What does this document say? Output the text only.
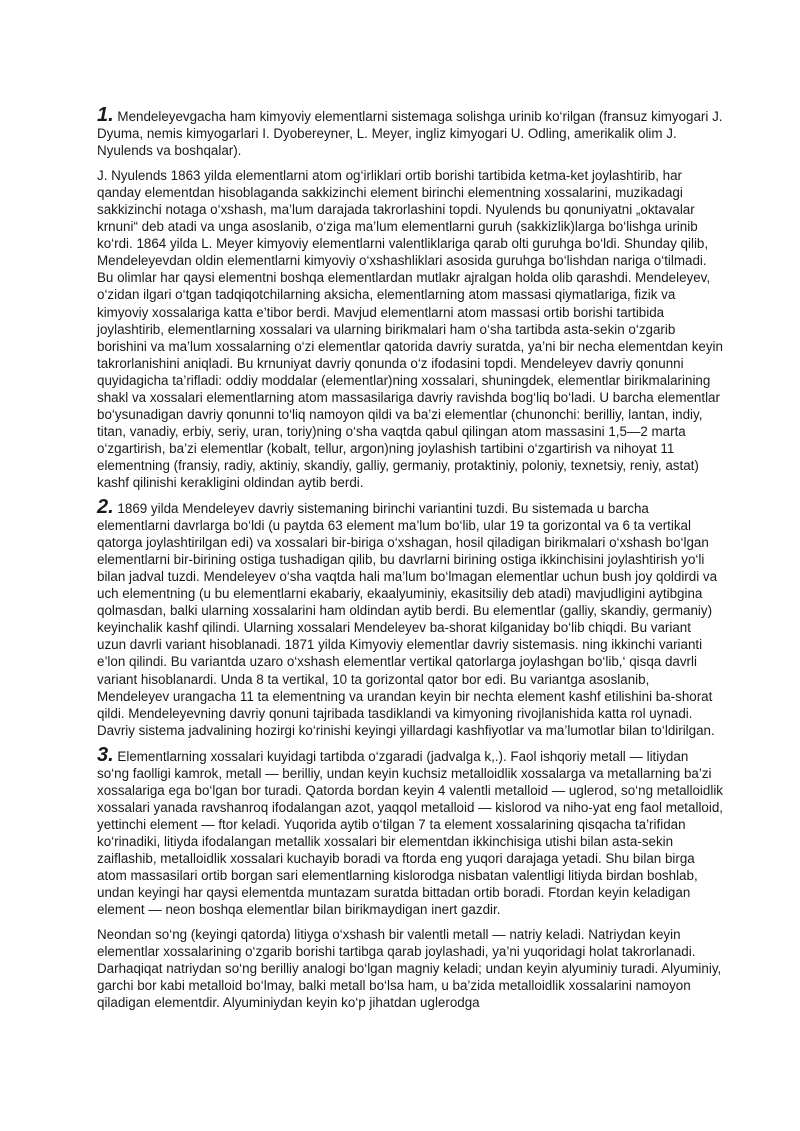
1. Mendeleyevgacha ham kimyoviy elementlarni sistemaga solishga urinib ko‘rilgan (fransuz kimyogari J. Dyuma, nemis kimyogarlari I. Dyobereyner, L. Meyer, ingliz kimyogari U. Odling, amerikalik olim J. Nyulends va boshqalar).

J. Nyulends 1863 yilda elementlarni atom og‘irliklari ortib borishi tartibida ketma-ket joylashtirib, har qanday elementdan hisoblaganda sakkizinchi element birinchi elementning xossalarini, muzikadagi sakkizinchi notaga o‘xshash, ma’lum darajada takrorlashini topdi. Nyulends bu qonuniyatni „oktavalar krnuni“ deb atadi va unga asoslanib, o‘ziga ma’lum elementlarni guruh (sakkizlik)larga bo‘lishga urinib ko‘rdi. 1864 yilda L. Meyer kimyoviy elementlarni valentliklariga qarab olti guruhga bo‘ldi. Shunday qilib, Mendeleyevdan oldin elementlarni kimyoviy o‘xshashliklari asosida guruhga bo‘lishdan nariga o‘tilmadi. Bu olimlar har qaysi elementni boshqa elementlardan mutlakr ajralgan holda olib qarashdi. Mendeleyev, o‘zidan ilgari o‘tgan tadqiqotchilarning aksicha, elementlarning atom massasi qiymatlariga, fizik va kimyoviy xossalariga katta e’tibor berdi. Mavjud elementlarni atom massasi ortib borishi tartibida joylashtirib, elementlarning xossalari va ularning birikmalari ham o‘sha tartibda asta-sekin o‘zgarib borishini va ma’lum xossalarning o‘zi elementlar qatorida davriy suratda, ya’ni bir necha elementdan keyin takrorlanishini aniqladi. Bu krnuniyat davriy qonunda o‘z ifodasini topdi. Mendeleyev davriy qonunni quyidagicha ta’rifladi: oddiy moddalar (elementlar)ning xossalari, shuningdek, elementlar birikmalarining shakl va xossalari elementlarning atom massasilariga davriy ravishda bog‘liq bo‘ladi. U barcha elementlar bo‘ysunadigan davriy qonunni to‘liq namoyon qildi va ba’zi elementlar (chunonchi: berilliy, lantan, indiy, titan, vanadiy, erbiy, seriy, uran, toriy)ning o‘sha vaqtda qabul qilingan atom massasini 1,5—2 marta o‘zgartirish, ba’zi elementlar (kobalt, tellur, argon)ning joylashish tartibini o‘zgartirish va nihoyat 11 elementning (fransiy, radiy, aktiniy, skandiy, galliy, germaniy, protaktiniy, poloniy, texnetsiy, reniy, astat) kashf qilinishi kerakligini oldindan aytib berdi.

2. 1869 yilda Mendeleyev davriy sistemaning birinchi variantini tuzdi. Bu sistemada u barcha elementlarni davrlarga bo‘ldi (u paytda 63 element ma’lum bo‘lib, ular 19 ta gorizontal va 6 ta vertikal qatorga joylashtirilgan edi) va xossalari bir-biriga o‘xshagan, hosil qiladigan birikmalari o‘xshash bo‘lgan elementlarni bir-birining ostiga tushadigan qilib, bu davrlarni birining ostiga ikkinchisini joylashtirish yo‘li bilan jadval tuzdi. Mendeleyev o‘sha vaqtda hali ma’lum bo‘lmagan elementlar uchun bush joy qoldirdi va uch elementning (u bu elementlarni ekabariy, ekaalyuminiy, ekasitsiliy deb atadi) mavjudligini aytibgina qolmasdan, balki ularning xossalarini ham oldindan aytib berdi. Bu elementlar (galliy, skandiy, germaniy) keyinchalik kashf qilindi. Ularning xossalari Mendeleyev ba-shorat kilganiday bo‘lib chiqdi. Bu variant uzun davrli variant hisoblanadi. 1871 yilda Kimyoviy elementlar davriy sistemasis. ning ikkinchi varianti e’lon qilindi. Bu variantda uzaro o‘xshash elementlar vertikal qatorlarga joylashgan bo‘lib,‘ qisqa davrli variant hisoblanardi. Unda 8 ta vertikal, 10 ta gorizontal qator bor edi. Bu variantga asoslanib, Mendeleyev urangacha 11 ta elementning va urandan keyin bir nechta element kashf etilishini ba-shorat qildi. Mendeleyevning davriy qonuni tajribada tasdiklandi va kimyoning rivojlanishida katta rol uynadi. Davriy sistema jadvalining hozirgi ko‘rinishi keyingi yillardagi kashfiyotlar va ma’lumotlar bilan to‘ldirilgan.

3. Elementlarning xossalari kuyidagi tartibda o‘zgaradi (jadvalga k,.). Faol ishqoriy metall — litiydan so‘ng faolligi kamrok, metall — berilliy, undan keyin kuchsiz metalloidlik xossalarga va metallarning ba’zi xossalariga ega bo‘lgan bor turadi. Qatorda bordan keyin 4 valentli metalloid — uglerod, so‘ng metalloidlik xossalari yanada ravshanroq ifodalangan azot, yaqqol metalloid — kislorod va niho-yat eng faol metalloid, yettinchi element — ftor keladi. Yuqorida aytib o‘tilgan 7 ta element xossalarining qisqacha ta’rifidan ko‘rinadiki, litiyda ifodalangan metallik xossalari bir elementdan ikkinchisiga utishi bilan asta-sekin zaiflashib, metalloidlik xossalari kuchayib boradi va ftorda eng yuqori darajaga yetadi. Shu bilan birga atom massasilari ortib borgan sari elementlarning kislorodga nisbatan valentligi litiyda birdan boshlab, undan keyingi har qaysi elementda muntazam suratda bittadan ortib boradi. Ftordan keyin keladigan element — neon boshqa elementlar bilan birikmaydigan inert gazdir.

Neondan so‘ng (keyingi qatorda) litiyga o‘xshash bir valentli metall — natriy keladi. Natriydan keyin elementlar xossalarining o‘zgarib borishi tartibga qarab joylashadi, ya’ni yuqoridagi holat takrorlanadi. Darhaqiqat natriydan so‘ng berilliy analogi bo‘lgan magniy keladi; undan keyin alyuminiy turadi. Alyuminiy, garchi bor kabi metalloid bo‘lmay, balki metall bo‘lsa ham, u ba’zida metalloidlik xossalarini namoyon qiladigan elementdir. Alyuminiydan keyin ko‘p jihatdan uglerodga
